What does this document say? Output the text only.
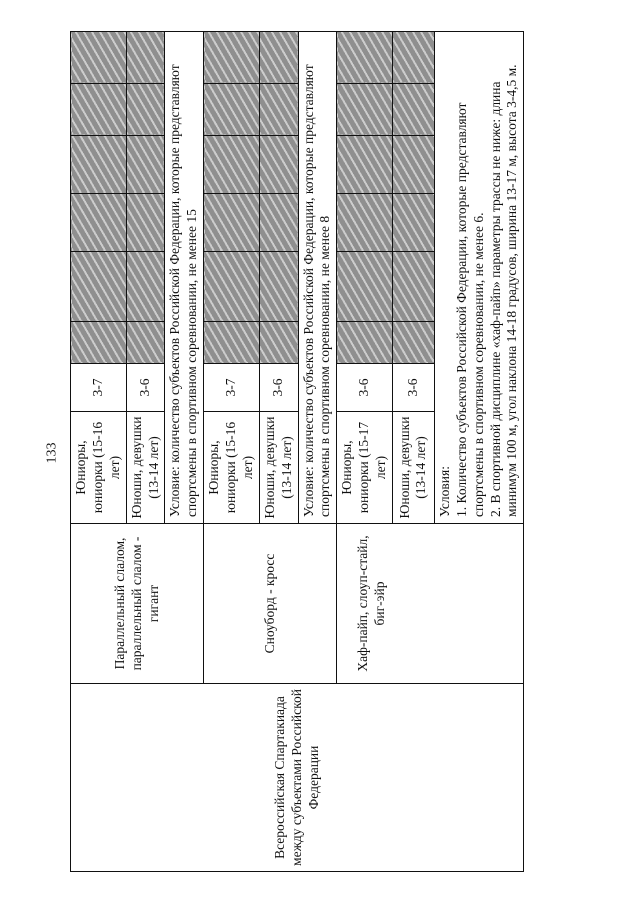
133
Всероссийская Спартакиада между субъектами Российской Федерации	Параллельный слалом, параллельный слалом - гигант	Юниоры, юниорки (15-16 лет)	3-7						
		Юноши, девушки (13-14 лет)	3-6						
		Условие: количество субъектов Российской Федерации, которые представляют спортсмены в спортивном соревновании, не менее 15							
	Сноуборд - кросс	Юниоры, юниорки (15-16 лет)	3-7						
		Юноши, девушки (13-14 лет)	3-6						
		Условие: количество субъектов Российской Федерации, которые представляют спортсмены в спортивном соревновании, не менее 8							
	Хаф-пайп, слоуп-стайл, биг-эйр	Юниоры, юниорки (15-17 лет)	3-6						
		Юноши, девушки (13-14 лет)	3-6						

		Условия: 1. Количество субъектов Российской Федерации, которые представляют спортсмены в спортивном соревновании, не менее 6. 2. В спортивной дисциплине «хаф-пайп» параметры трассы не ниже: длина минимум 100 м, угол наклона 14-18 градусов, ширина 13-17 м, высота 3-4,5 м.							
